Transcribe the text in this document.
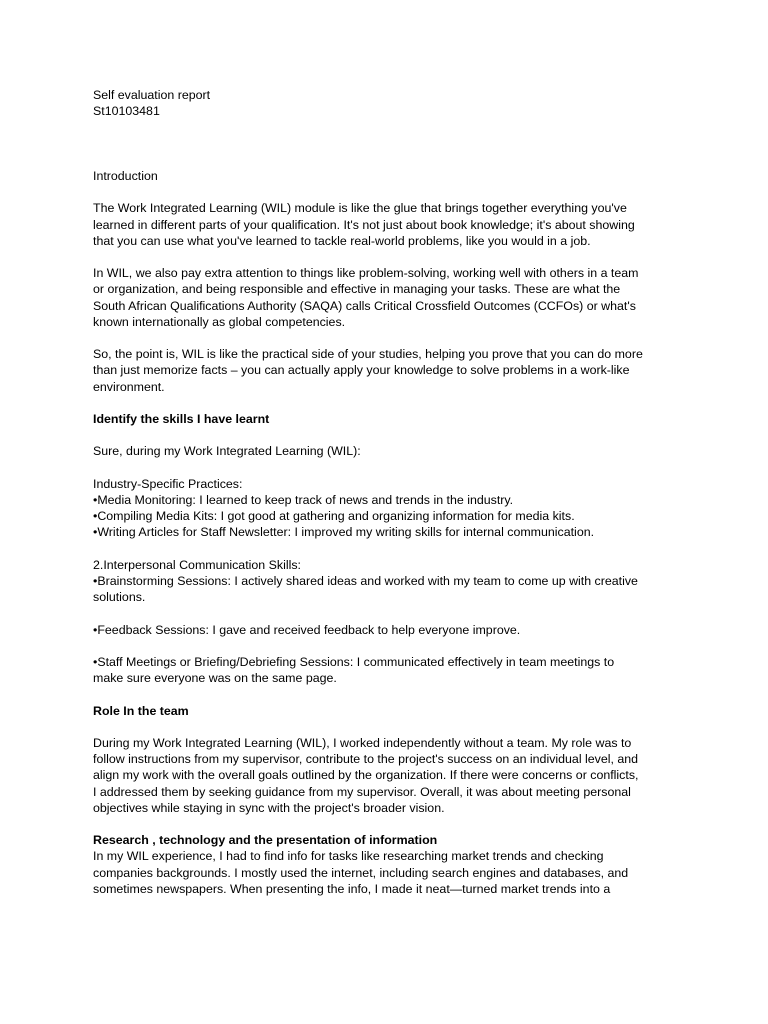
Self evaluation report
St10103481
Introduction
The Work Integrated Learning (WIL) module is like the glue that brings together everything you've
learned in different parts of your qualification. It's not just about book knowledge; it's about showing
that you can use what you've learned to tackle real-world problems, like you would in a job.
In WIL, we also pay extra attention to things like problem-solving, working well with others in a team
or organization, and being responsible and effective in managing your tasks. These are what the
South African Qualifications Authority (SAQA) calls Critical Crossfield Outcomes (CCFOs) or what's
known internationally as global competencies.
So, the point is, WIL is like the practical side of your studies, helping you prove that you can do more
than just memorize facts – you can actually apply your knowledge to solve problems in a work-like
environment.
Identify the skills I have learnt
Sure, during my Work Integrated Learning (WIL):
Industry-Specific Practices:
•Media Monitoring: I learned to keep track of news and trends in the industry.
•Compiling Media Kits: I got good at gathering and organizing information for media kits.
•Writing Articles for Staff Newsletter: I improved my writing skills for internal communication.
2.Interpersonal Communication Skills:
•Brainstorming Sessions: I actively shared ideas and worked with my team to come up with creative
solutions.
•Feedback Sessions: I gave and received feedback to help everyone improve.
•Staff Meetings or Briefing/Debriefing Sessions: I communicated effectively in team meetings to
make sure everyone was on the same page.
Role In the team
During my Work Integrated Learning (WIL), I worked independently without a team. My role was to
follow instructions from my supervisor, contribute to the project's success on an individual level, and
align my work with the overall goals outlined by the organization. If there were concerns or conflicts,
I addressed them by seeking guidance from my supervisor. Overall, it was about meeting personal
objectives while staying in sync with the project's broader vision.
Research , technology and the presentation of information
In my WIL experience, I had to find info for tasks like researching market trends and checking
companies backgrounds. I mostly used the internet, including search engines and databases, and
sometimes newspapers. When presenting the info, I made it neat—turned market trends into a
